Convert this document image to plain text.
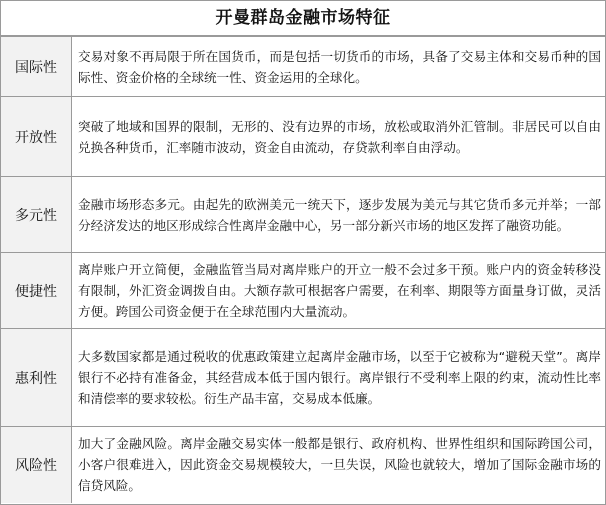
开曼群岛金融市场特征
国际性	交易对象不再局限于所在国货币，而是包括一切货币的市场，具备了交易主体和交易币种的国际性、资金价格的全球统一性、资金运用的全球化。
开放性	突破了地域和国界的限制，无形的、没有边界的市场，放松或取消外汇管制。非居民可以自由兑换各种货币，汇率随市波动，资金自由流动，存贷款利率自由浮动。
多元性	金融市场形态多元。由起先的欧洲美元一统天下，逐步发展为美元与其它货币多元并举；一部分经济发达的地区形成综合性离岸金融中心，另一部分新兴市场的地区发挥了融资功能。
便捷性	离岸账户开立简便，金融监管当局对离岸账户的开立一般不会过多干预。账户内的资金转移没有限制，外汇资金调拨自由。大额存款可根据客户需要，在利率、期限等方面量身订做，灵活方便。跨国公司资金便于在全球范围内大量流动。
惠利性	大多数国家都是通过税收的优惠政策建立起离岸金融市场，以至于它被称为“避税天堂”。离岸银行不必持有准备金，其经营成本低于国内银行。离岸银行不受利率上限的约束，流动性比率和清偿率的要求较松。衍生产品丰富，交易成本低廉。
风险性	加大了金融风险。离岸金融交易实体一般都是银行、政府机构、世界性组织和国际跨国公司，小客户很难进入，因此资金交易规模较大，一旦失误，风险也就较大，增加了国际金融市场的信贷风险。
